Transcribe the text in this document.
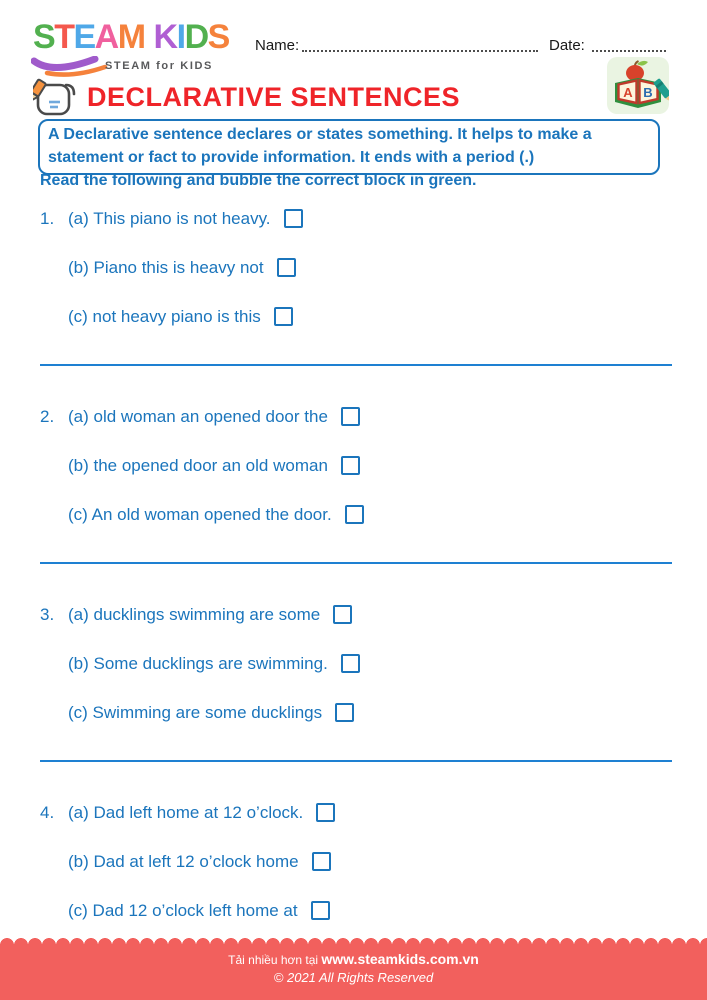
STEAM KIDS
STEAM for KIDS
Name:	Date:
A B
DECLARATIVE SENTENCES
A Declarative sentence declares or states something. It helps to make a statement or fact to provide information. It ends with a period (.)
Read the following and bubble the correct block in green.
1. (a) This piano is not heavy.
(b) Piano this is heavy not
(c) not heavy piano is this
2. (a) old woman an opened door the
(b) the opened door an old woman
(c) An old woman opened the door.
3. (a) ducklings swimming are some
(b) Some ducklings are swimming.
(c) Swimming are some ducklings
4. (a) Dad left home at 12 o’clock.
(b) Dad at left 12 o’clock home
(c) Dad 12 o’clock left home at
Tải nhiều hơn tại www.steamkids.com.vn
© 2021 All Rights Reserved
